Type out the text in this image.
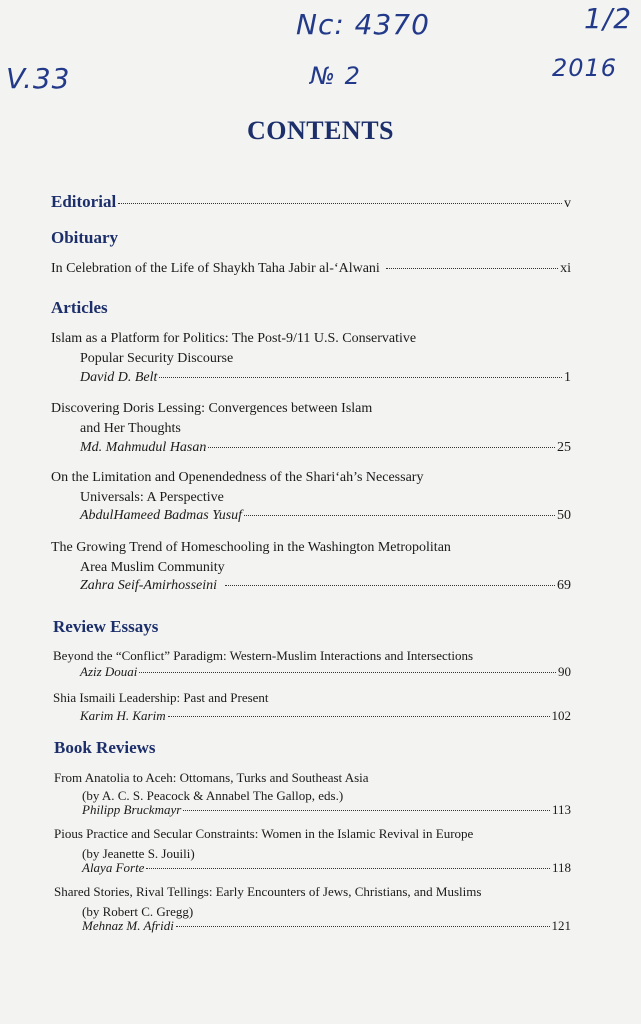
Nc: 4370
V.33	№ 2
1/2
2016
CONTENTS
Editorial	v
Obituary
In Celebration of the Life of Shaykh Taha Jabir al-‘Alwani	xi
Articles
Islam as a Platform for Politics: The Post-9/11 U.S. Conservative
Popular Security Discourse
David D. Belt	1
Discovering Doris Lessing: Convergences between Islam
and Her Thoughts
Md. Mahmudul Hasan	25
On the Limitation and Openendedness of the Shari‘ah’s Necessary
Universals: A Perspective
AbdulHameed Badmas Yusuf	50
The Growing Trend of Homeschooling in the Washington Metropolitan
Area Muslim Community
Zahra Seif-Amirhosseini	69
Review Essays
Beyond the “Conflict” Paradigm: Western-Muslim Interactions and Intersections
Aziz Douai	90
Shia Ismaili Leadership: Past and Present
Karim H. Karim	102
Book Reviews
From Anatolia to Aceh: Ottomans, Turks and Southeast Asia
(by A. C. S. Peacock & Annabel The Gallop, eds.)
Philipp Bruckmayr	113
Pious Practice and Secular Constraints: Women in the Islamic Revival in Europe
(by Jeanette S. Jouili)
Alaya Forte	118
Shared Stories, Rival Tellings: Early Encounters of Jews, Christians, and Muslims
(by Robert C. Gregg)
Mehnaz M. Afridi	121
